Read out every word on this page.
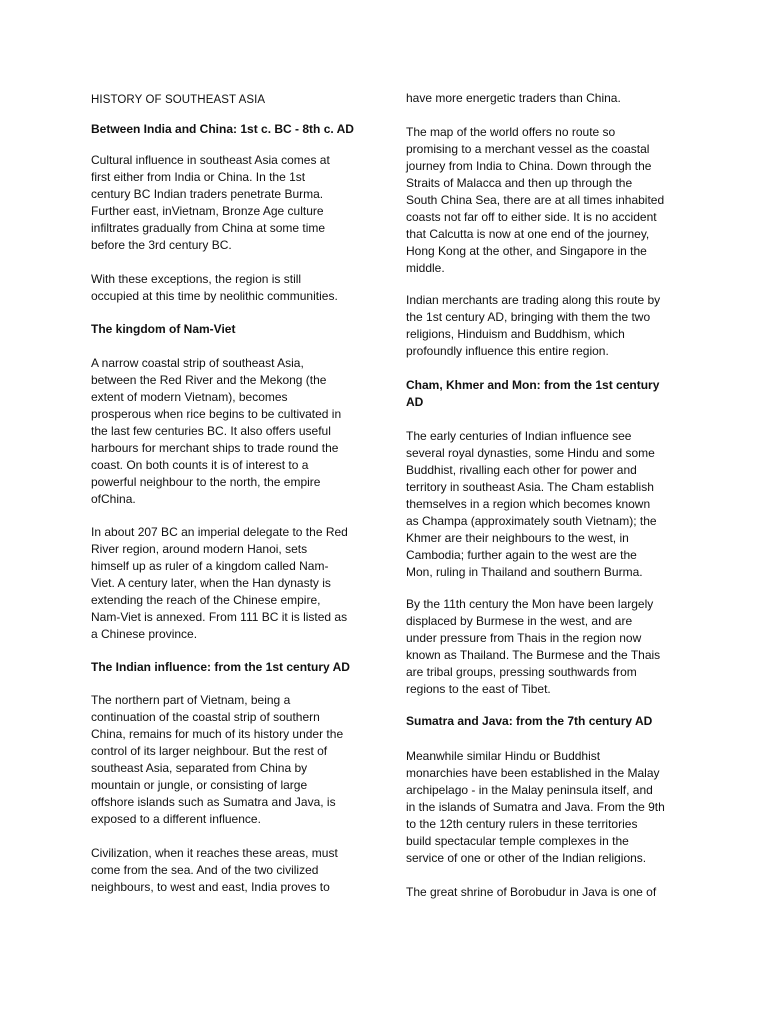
HISTORY OF SOUTHEAST ASIA
Between India and China: 1st c. BC - 8th c. AD
Cultural influence in southeast Asia comes at
first either from India or China. In the 1st
century BC Indian traders penetrate Burma.
Further east, inVietnam, Bronze Age culture
infiltrates gradually from China at some time
before the 3rd century BC.
With these exceptions, the region is still
occupied at this time by neolithic communities.
The kingdom of Nam-Viet
A narrow coastal strip of southeast Asia,
between the Red River and the Mekong (the
extent of modern Vietnam), becomes
prosperous when rice begins to be cultivated in
the last few centuries BC. It also offers useful
harbours for merchant ships to trade round the
coast. On both counts it is of interest to a
powerful neighbour to the north, the empire
ofChina.
In about 207 BC an imperial delegate to the Red
River region, around modern Hanoi, sets
himself up as ruler of a kingdom called Nam-
Viet. A century later, when the Han dynasty is
extending the reach of the Chinese empire,
Nam-Viet is annexed. From 111 BC it is listed as
a Chinese province.
The Indian influence: from the 1st century AD
The northern part of Vietnam, being a
continuation of the coastal strip of southern
China, remains for much of its history under the
control of its larger neighbour. But the rest of
southeast Asia, separated from China by
mountain or jungle, or consisting of large
offshore islands such as Sumatra and Java, is
exposed to a different influence.
Civilization, when it reaches these areas, must
come from the sea. And of the two civilized
neighbours, to west and east, India proves to
have more energetic traders than China.
The map of the world offers no route so
promising to a merchant vessel as the coastal
journey from India to China. Down through the
Straits of Malacca and then up through the
South China Sea, there are at all times inhabited
coasts not far off to either side. It is no accident
that Calcutta is now at one end of the journey,
Hong Kong at the other, and Singapore in the
middle.
Indian merchants are trading along this route by
the 1st century AD, bringing with them the two
religions, Hinduism and Buddhism, which
profoundly influence this entire region.
Cham, Khmer and Mon: from the 1st century
AD
The early centuries of Indian influence see
several royal dynasties, some Hindu and some
Buddhist, rivalling each other for power and
territory in southeast Asia. The Cham establish
themselves in a region which becomes known
as Champa (approximately south Vietnam); the
Khmer are their neighbours to the west, in
Cambodia; further again to the west are the
Mon, ruling in Thailand and southern Burma.
By the 11th century the Mon have been largely
displaced by Burmese in the west, and are
under pressure from Thais in the region now
known as Thailand. The Burmese and the Thais
are tribal groups, pressing southwards from
regions to the east of Tibet.
Sumatra and Java: from the 7th century AD
Meanwhile similar Hindu or Buddhist
monarchies have been established in the Malay
archipelago - in the Malay peninsula itself, and
in the islands of Sumatra and Java. From the 9th
to the 12th century rulers in these territories
build spectacular temple complexes in the
service of one or other of the Indian religions.
The great shrine of Borobudur in Java is one of
